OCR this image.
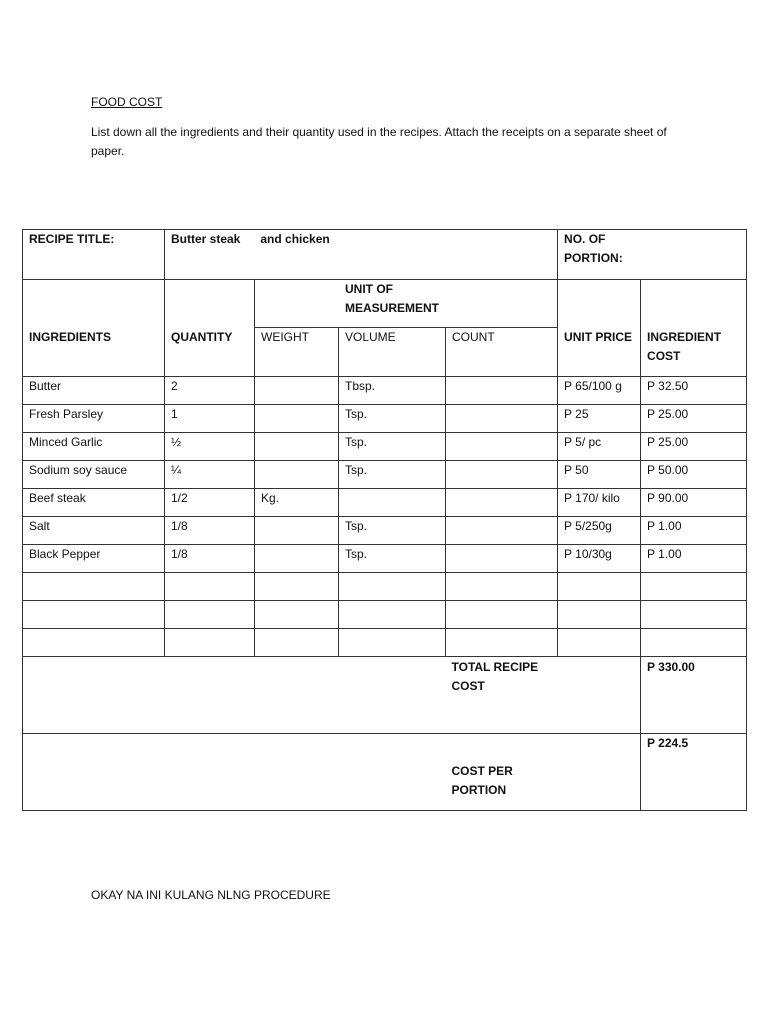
FOOD COST
List down all the ingredients and their quantity used in the recipes. Attach the receipts on a separate sheet of paper.
RECIPE TITLE:	Butter steak and chicken				NO. OF PORTION:	

INGREDIENTS	QUANTITY	UNIT OF MEASUREMENT			UNIT PRICE	INGREDIENT COST
		WEIGHT	VOLUME	COUNT		
Butter	2		Tbsp.		P 65/100 g	P 32.50
Fresh Parsley	1		Tsp.		P 25	P 25.00
Minced Garlic	½		Tsp.		P 5/ pc	P 25.00
Sodium soy sauce	¼		Tsp.		P 50	P 50.00
Beef steak	1/2	Kg.			P 170/ kilo	P 90.00
Salt	1/8		Tsp.		P 5/250g	P 1.00
Black Pepper	1/8		Tsp.		P 10/30g	P 1.00

				TOTAL RECIPE COST		P 330.00

				COST PER PORTION		P 224.5
OKAY NA INI KULANG NLNG PROCEDURE
